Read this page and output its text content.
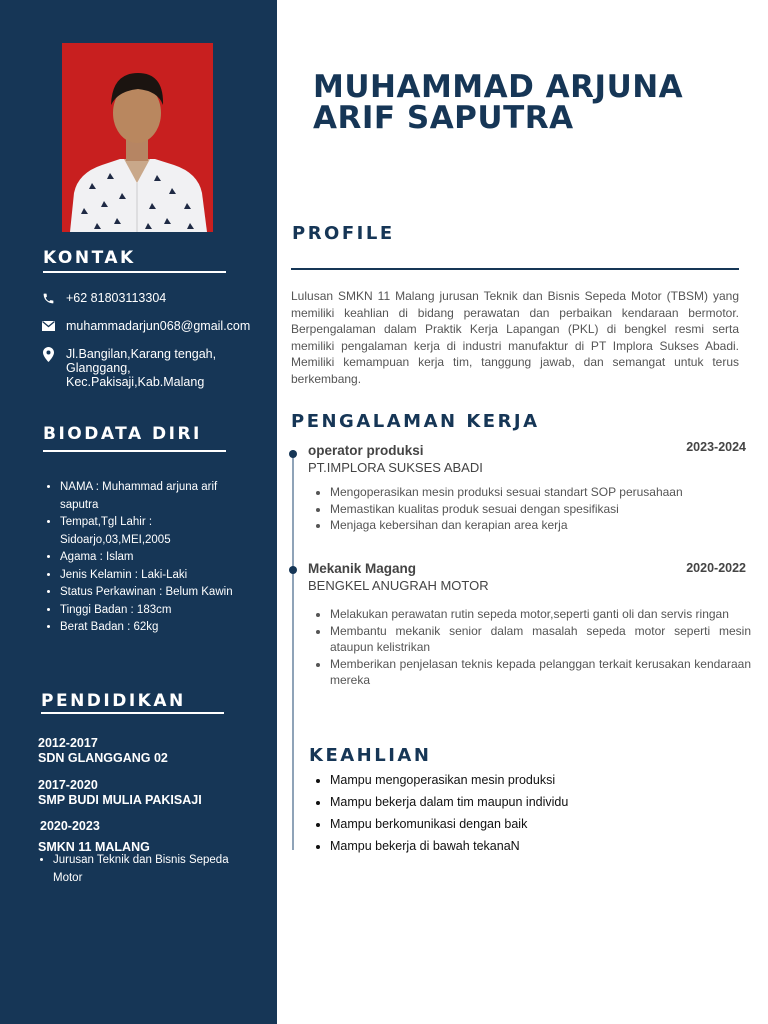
KONTAK
+62 81803113304
muhammadarjun068@gmail.com
Jl.Bangilan,Karang tengah,
Glanggang,
Kec.Pakisaji,Kab.Malang
BIODATA DIRI
• NAMA : Muhammad arjuna arif saputra
• Tempat,Tgl Lahir : Sidoarjo,03,MEI,2005
• Agama : Islam
• Jenis Kelamin : Laki-Laki
• Status Perkawinan : Belum Kawin
• Tinggi Badan : 183cm
• Berat Badan : 62kg
PENDIDIKAN
2012-2017
SDN GLANGGANG 02
2017-2020
SMP BUDI MULIA PAKISAJI
2020-2023
SMKN 11 MALANG
• Jurusan Teknik dan Bisnis Sepeda Motor
MUHAMMAD ARJUNA
ARIF SAPUTRA
PROFILE

Lulusan SMKN 11 Malang jurusan Teknik dan Bisnis Sepeda Motor (TBSM) yang memiliki keahlian di bidang perawatan dan perbaikan kendaraan bermotor. Berpengalaman dalam Praktik Kerja Lapangan (PKL) di bengkel resmi serta memiliki pengalaman kerja di industri manufaktur di PT Implora Sukses Abadi. Memiliki kemampuan kerja tim, tanggung jawab, dan semangat untuk terus berkembang.

PENGALAMAN KERJA

operator produksi	2023-2024

PT.IMPLORA SUKSES ABADI

• Mengoperasikan mesin produksi sesuai standart SOP perusahaan
• Memastikan kualitas produk sesuai dengan spesifikasi
• Menjaga kebersihan dan kerapian area kerja

Mekanik Magang	2020-2022

BENGKEL ANUGRAH MOTOR

• Melakukan perawatan rutin sepeda motor,seperti ganti oli dan servis ringan
• Membantu mekanik senior dalam masalah sepeda motor seperti mesin ataupun kelistrikan
• Memberikan penjelasan teknis kepada pelanggan terkait kerusakan kendaraan mereka
KEAHLIAN
• Mampu mengoperasikan mesin produksi
• Mampu bekerja dalam tim maupun individu
• Mampu berkomunikasi dengan baik
• Mampu bekerja di bawah tekanaN
